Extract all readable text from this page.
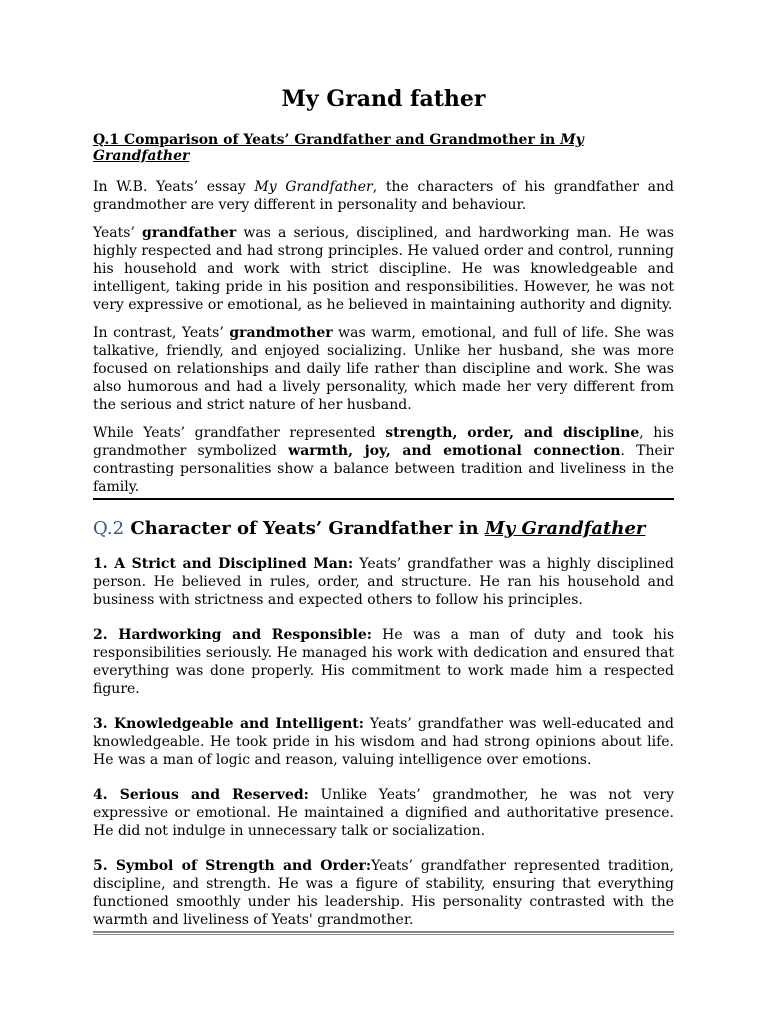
My Grand father
Q.1 Comparison of Yeats’ Grandfather and Grandmother in My Grandfather

In W.B. Yeats’ essay My Grandfather, the characters of his grandfather and grandmother are very different in personality and behaviour.

Yeats’ grandfather was a serious, disciplined, and hardworking man. He was highly respected and had strong principles. He valued order and control, running his household and work with strict discipline. He was knowledgeable and intelligent, taking pride in his position and responsibilities. However, he was not very expressive or emotional, as he believed in maintaining authority and dignity.

In contrast, Yeats’ grandmother was warm, emotional, and full of life. She was talkative, friendly, and enjoyed socializing. Unlike her husband, she was more focused on relationships and daily life rather than discipline and work. She was also humorous and had a lively personality, which made her very different from the serious and strict nature of her husband.

While Yeats’ grandfather represented strength, order, and discipline, his grandmother symbolized warmth, joy, and emotional connection. Their contrasting personalities show a balance between tradition and liveliness in the family.

Q.2 Character of Yeats’ Grandfather in My Grandfather

1. A Strict and Disciplined Man: Yeats’ grandfather was a highly disciplined person. He believed in rules, order, and structure. He ran his household and business with strictness and expected others to follow his principles.

2. Hardworking and Responsible: He was a man of duty and took his responsibilities seriously. He managed his work with dedication and ensured that everything was done properly. His commitment to work made him a respected figure.

3. Knowledgeable and Intelligent: Yeats’ grandfather was well-educated and knowledgeable. He took pride in his wisdom and had strong opinions about life. He was a man of logic and reason, valuing intelligence over emotions.

4. Serious and Reserved: Unlike Yeats’ grandmother, he was not very expressive or emotional. He maintained a dignified and authoritative presence. He did not indulge in unnecessary talk or socialization.

5. Symbol of Strength and Order:Yeats’ grandfather represented tradition, discipline, and strength. He was a figure of stability, ensuring that everything functioned smoothly under his leadership. His personality contrasted with the warmth and liveliness of Yeats' grandmother.
